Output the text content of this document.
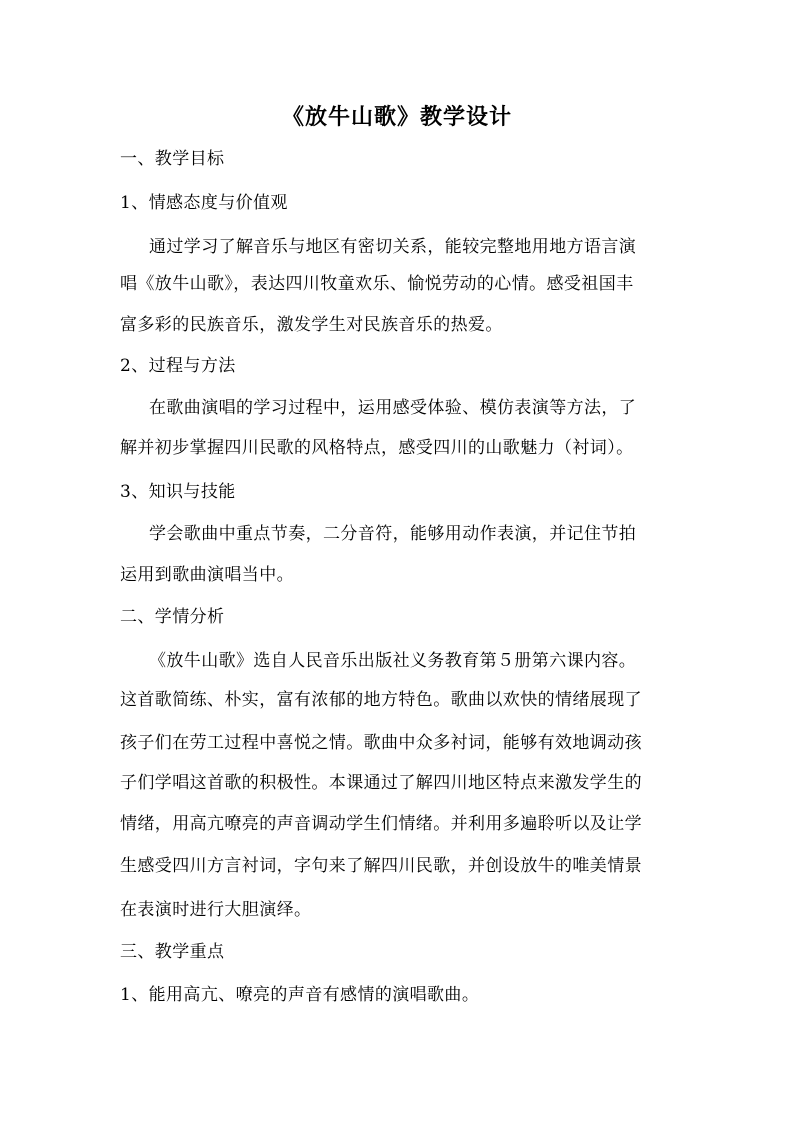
《放牛山歌》教学设计
一、教学目标
1、情感态度与价值观
通过学习了解音乐与地区有密切关系，能较完整地用地方语言演
唱《放牛山歌》，表达四川牧童欢乐、愉悦劳动的心情。感受祖国丰
富多彩的民族音乐，激发学生对民族音乐的热爱。
2、过程与方法
在歌曲演唱的学习过程中，运用感受体验、模仿表演等方法，了
解并初步掌握四川民歌的风格特点，感受四川的山歌魅力（衬词）。
3、知识与技能
学会歌曲中重点节奏，二分音符，能够用动作表演，并记住节拍
运用到歌曲演唱当中。
二、学情分析
《放牛山歌》选自人民音乐出版社义务教育第５册第六课内容。
这首歌简练、朴实，富有浓郁的地方特色。歌曲以欢快的情绪展现了
孩子们在劳工过程中喜悦之情。歌曲中众多衬词，能够有效地调动孩
子们学唱这首歌的积极性。本课通过了解四川地区特点来激发学生的
情绪，用高亢嘹亮的声音调动学生们情绪。并利用多遍聆听以及让学
生感受四川方言衬词，字句来了解四川民歌，并创设放牛的唯美情景
在表演时进行大胆演绎。
三、教学重点
1、能用高亢、嘹亮的声音有感情的演唱歌曲。
